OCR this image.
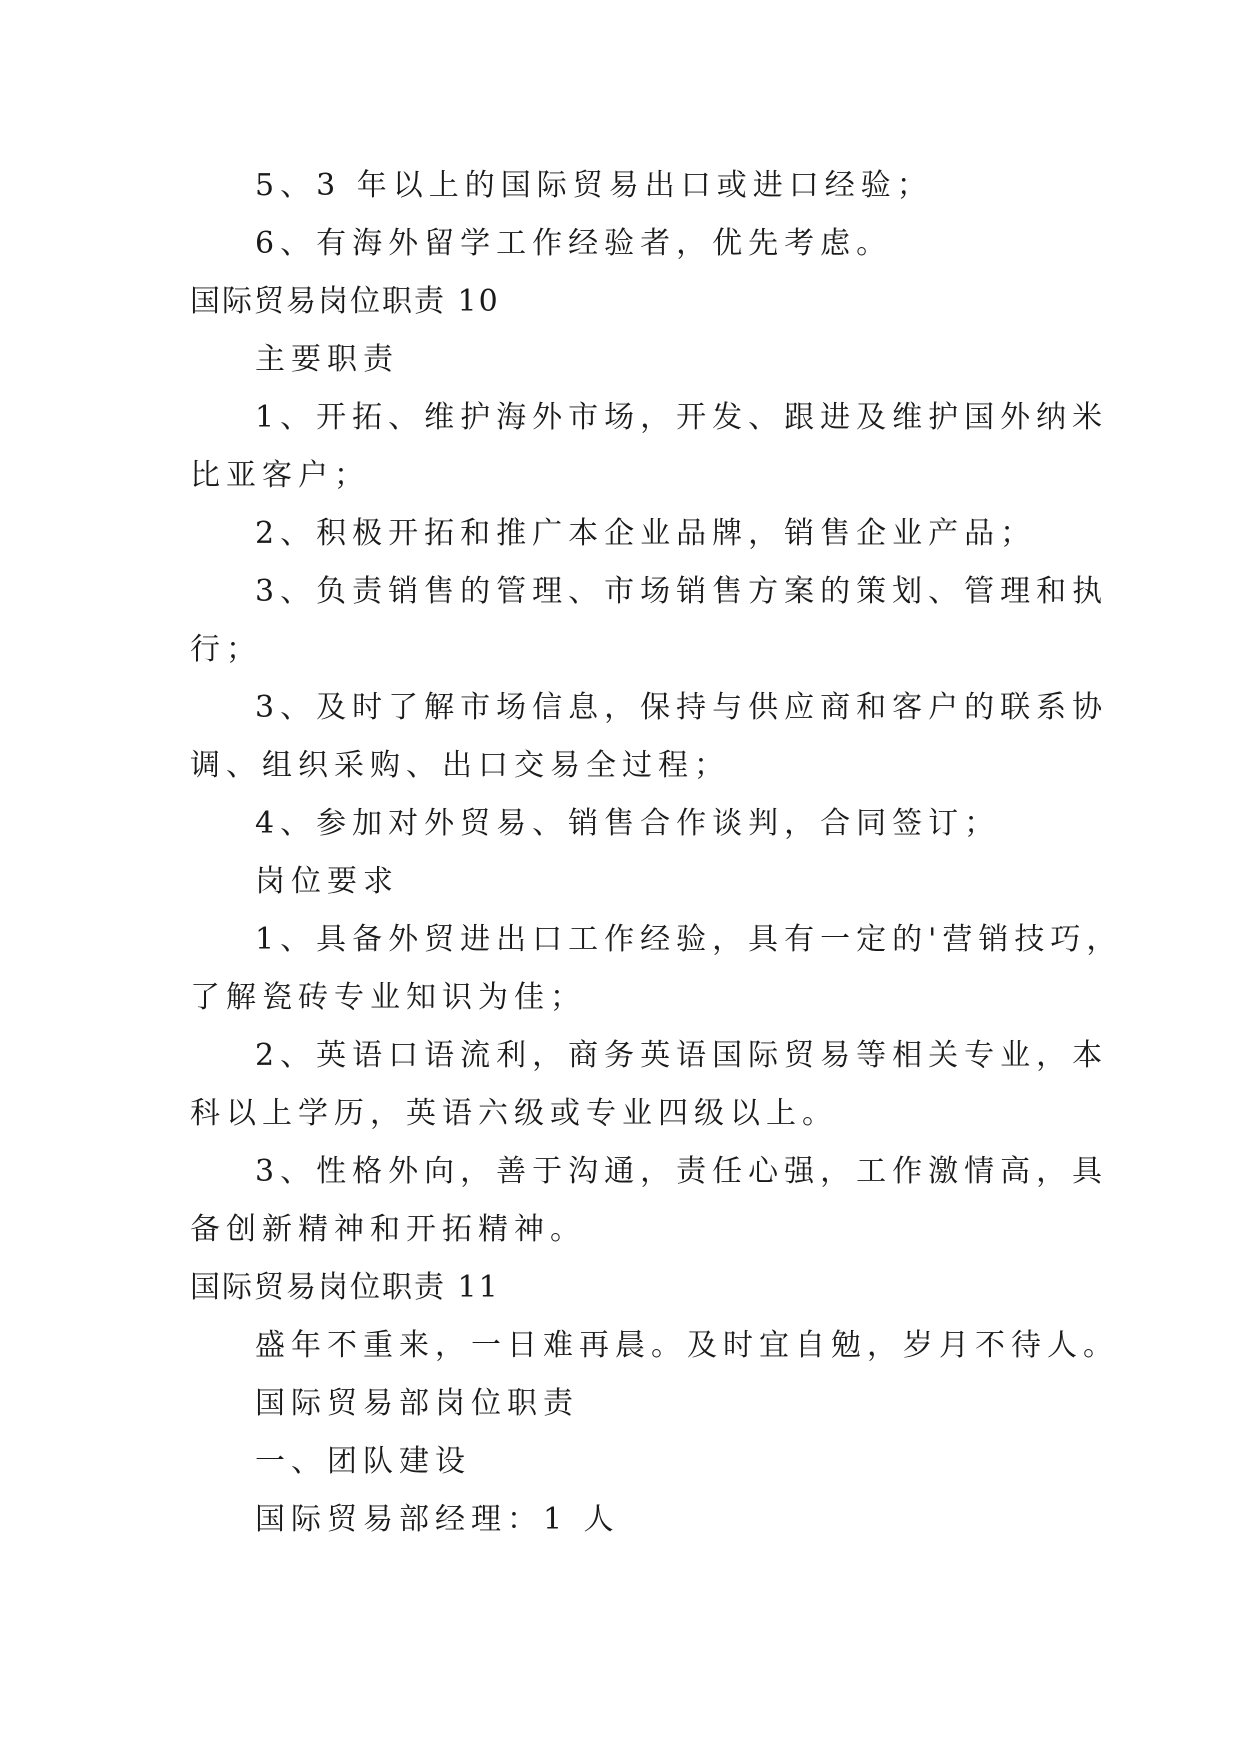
5、3 年以上的国际贸易出口或进口经验；
6、有海外留学工作经验者，优先考虑。
国际贸易岗位职责 10
主要职责
1、开拓、维护海外市场，开发、跟进及维护国外纳米
比亚客户；
2、积极开拓和推广本企业品牌，销售企业产品；
3、负责销售的管理、市场销售方案的策划、管理和执
行；
3、及时了解市场信息，保持与供应商和客户的联系协
调、组织采购、出口交易全过程；
4、参加对外贸易、销售合作谈判，合同签订；
岗位要求
1、具备外贸进出口工作经验，具有一定的'营销技巧，
了解瓷砖专业知识为佳；
2、英语口语流利，商务英语国际贸易等相关专业，本
科以上学历，英语六级或专业四级以上。
3、性格外向，善于沟通，责任心强，工作激情高，具
备创新精神和开拓精神。
国际贸易岗位职责 11
盛年不重来，一日难再晨。及时宜自勉，岁月不待人。
国际贸易部岗位职责
一、团队建设
国际贸易部经理：1 人
